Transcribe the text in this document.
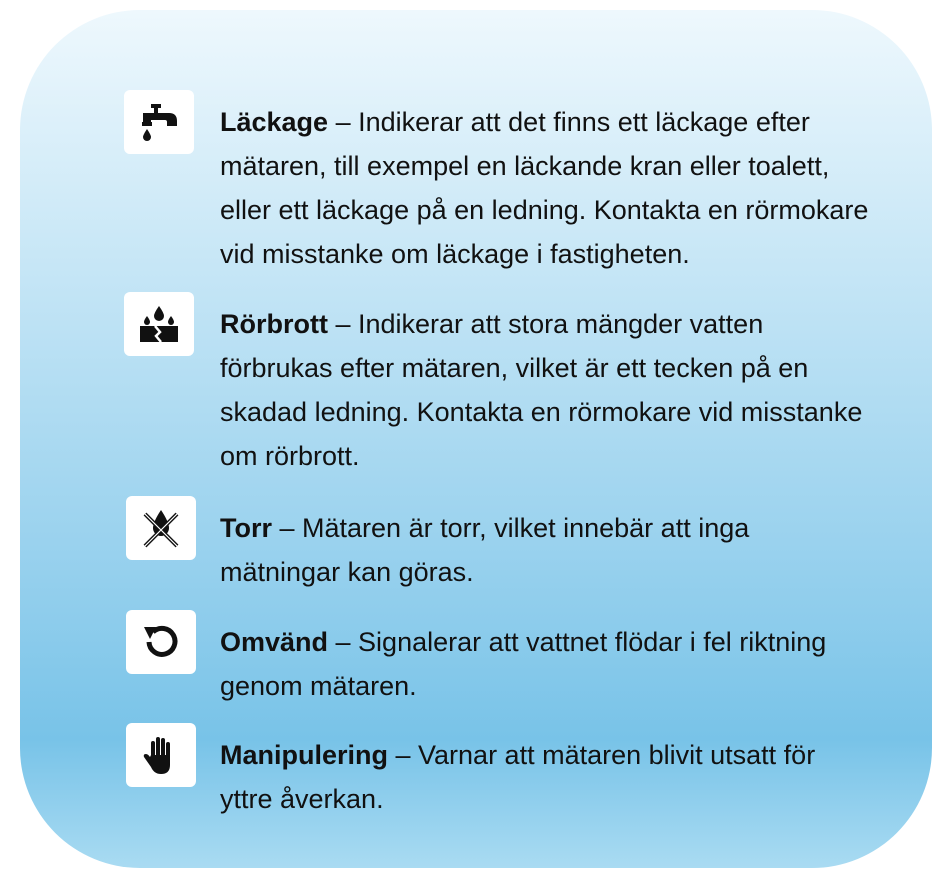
Läckage – Indikerar att det finns ett läckage efter mätaren, till exempel en läckande kran eller toalett, eller ett läckage på en ledning. Kontakta en rörmokare vid misstanke om läckage i fastigheten.
Rörbrott – Indikerar att stora mängder vatten förbrukas efter mätaren, vilket är ett tecken på en skadad ledning. Kontakta en rörmokare vid misstanke om rörbrott.
Torr – Mätaren är torr, vilket innebär att inga mätningar kan göras.
Omvänd – Signalerar att vattnet flödar i fel riktning genom mätaren.
Manipulering – Varnar att mätaren blivit utsatt för yttre åverkan.
